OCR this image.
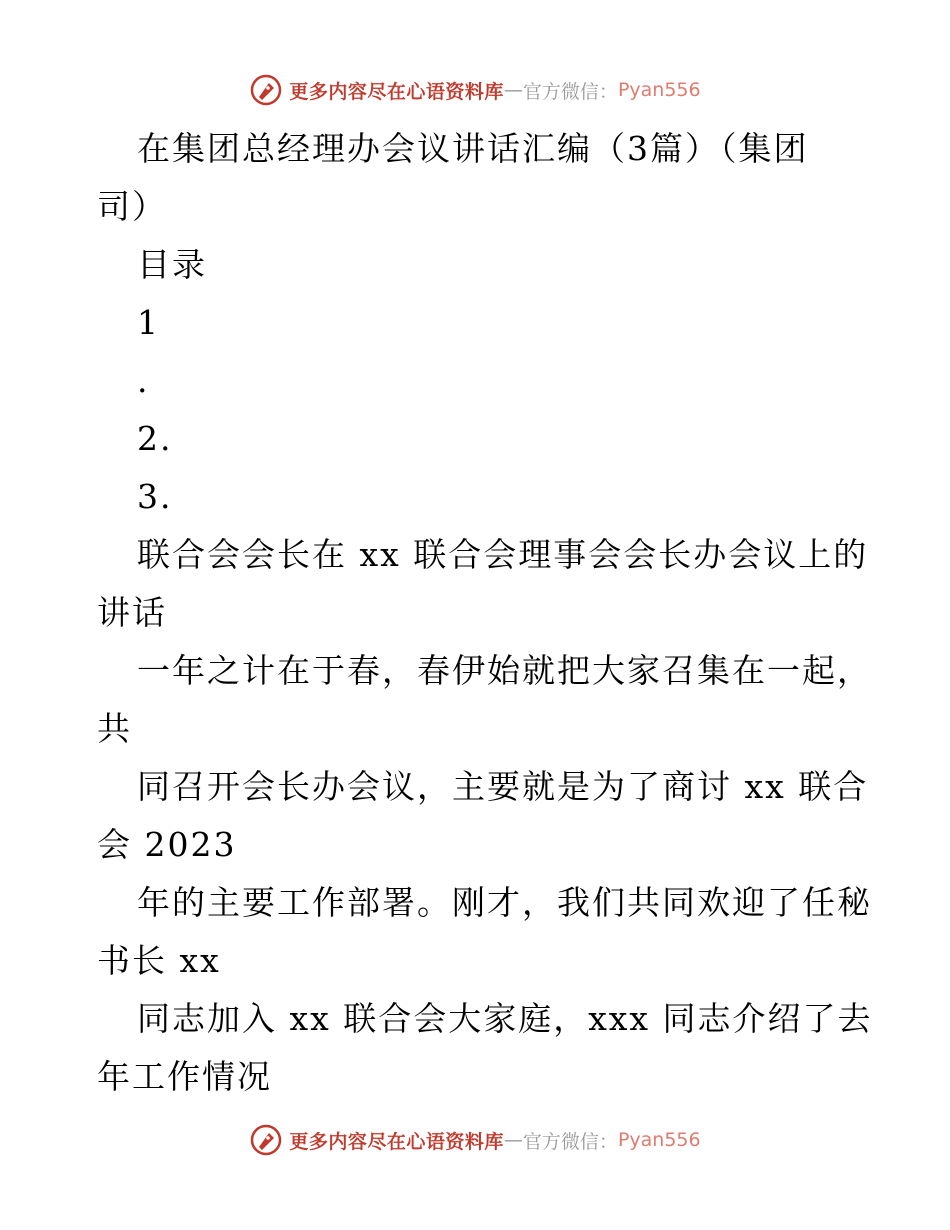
更多内容尽在心语资料库 — 官方微信： Pyan556
在集团总经理办会议讲话汇编（3篇）（集团
司）
目录
1
.
2.
3.
联合会会长在 xx 联合会理事会会长办会议上的
讲话
一年之计在于春，春伊始就把大家召集在一起，
共
同召开会长办会议，主要就是为了商讨 xx 联合
会 2023
年的主要工作部署。刚才，我们共同欢迎了任秘
书长 xx
同志加入 xx 联合会大家庭，xxx 同志介绍了去
年工作情况
更多内容尽在心语资料库 — 官方微信： Pyan556
